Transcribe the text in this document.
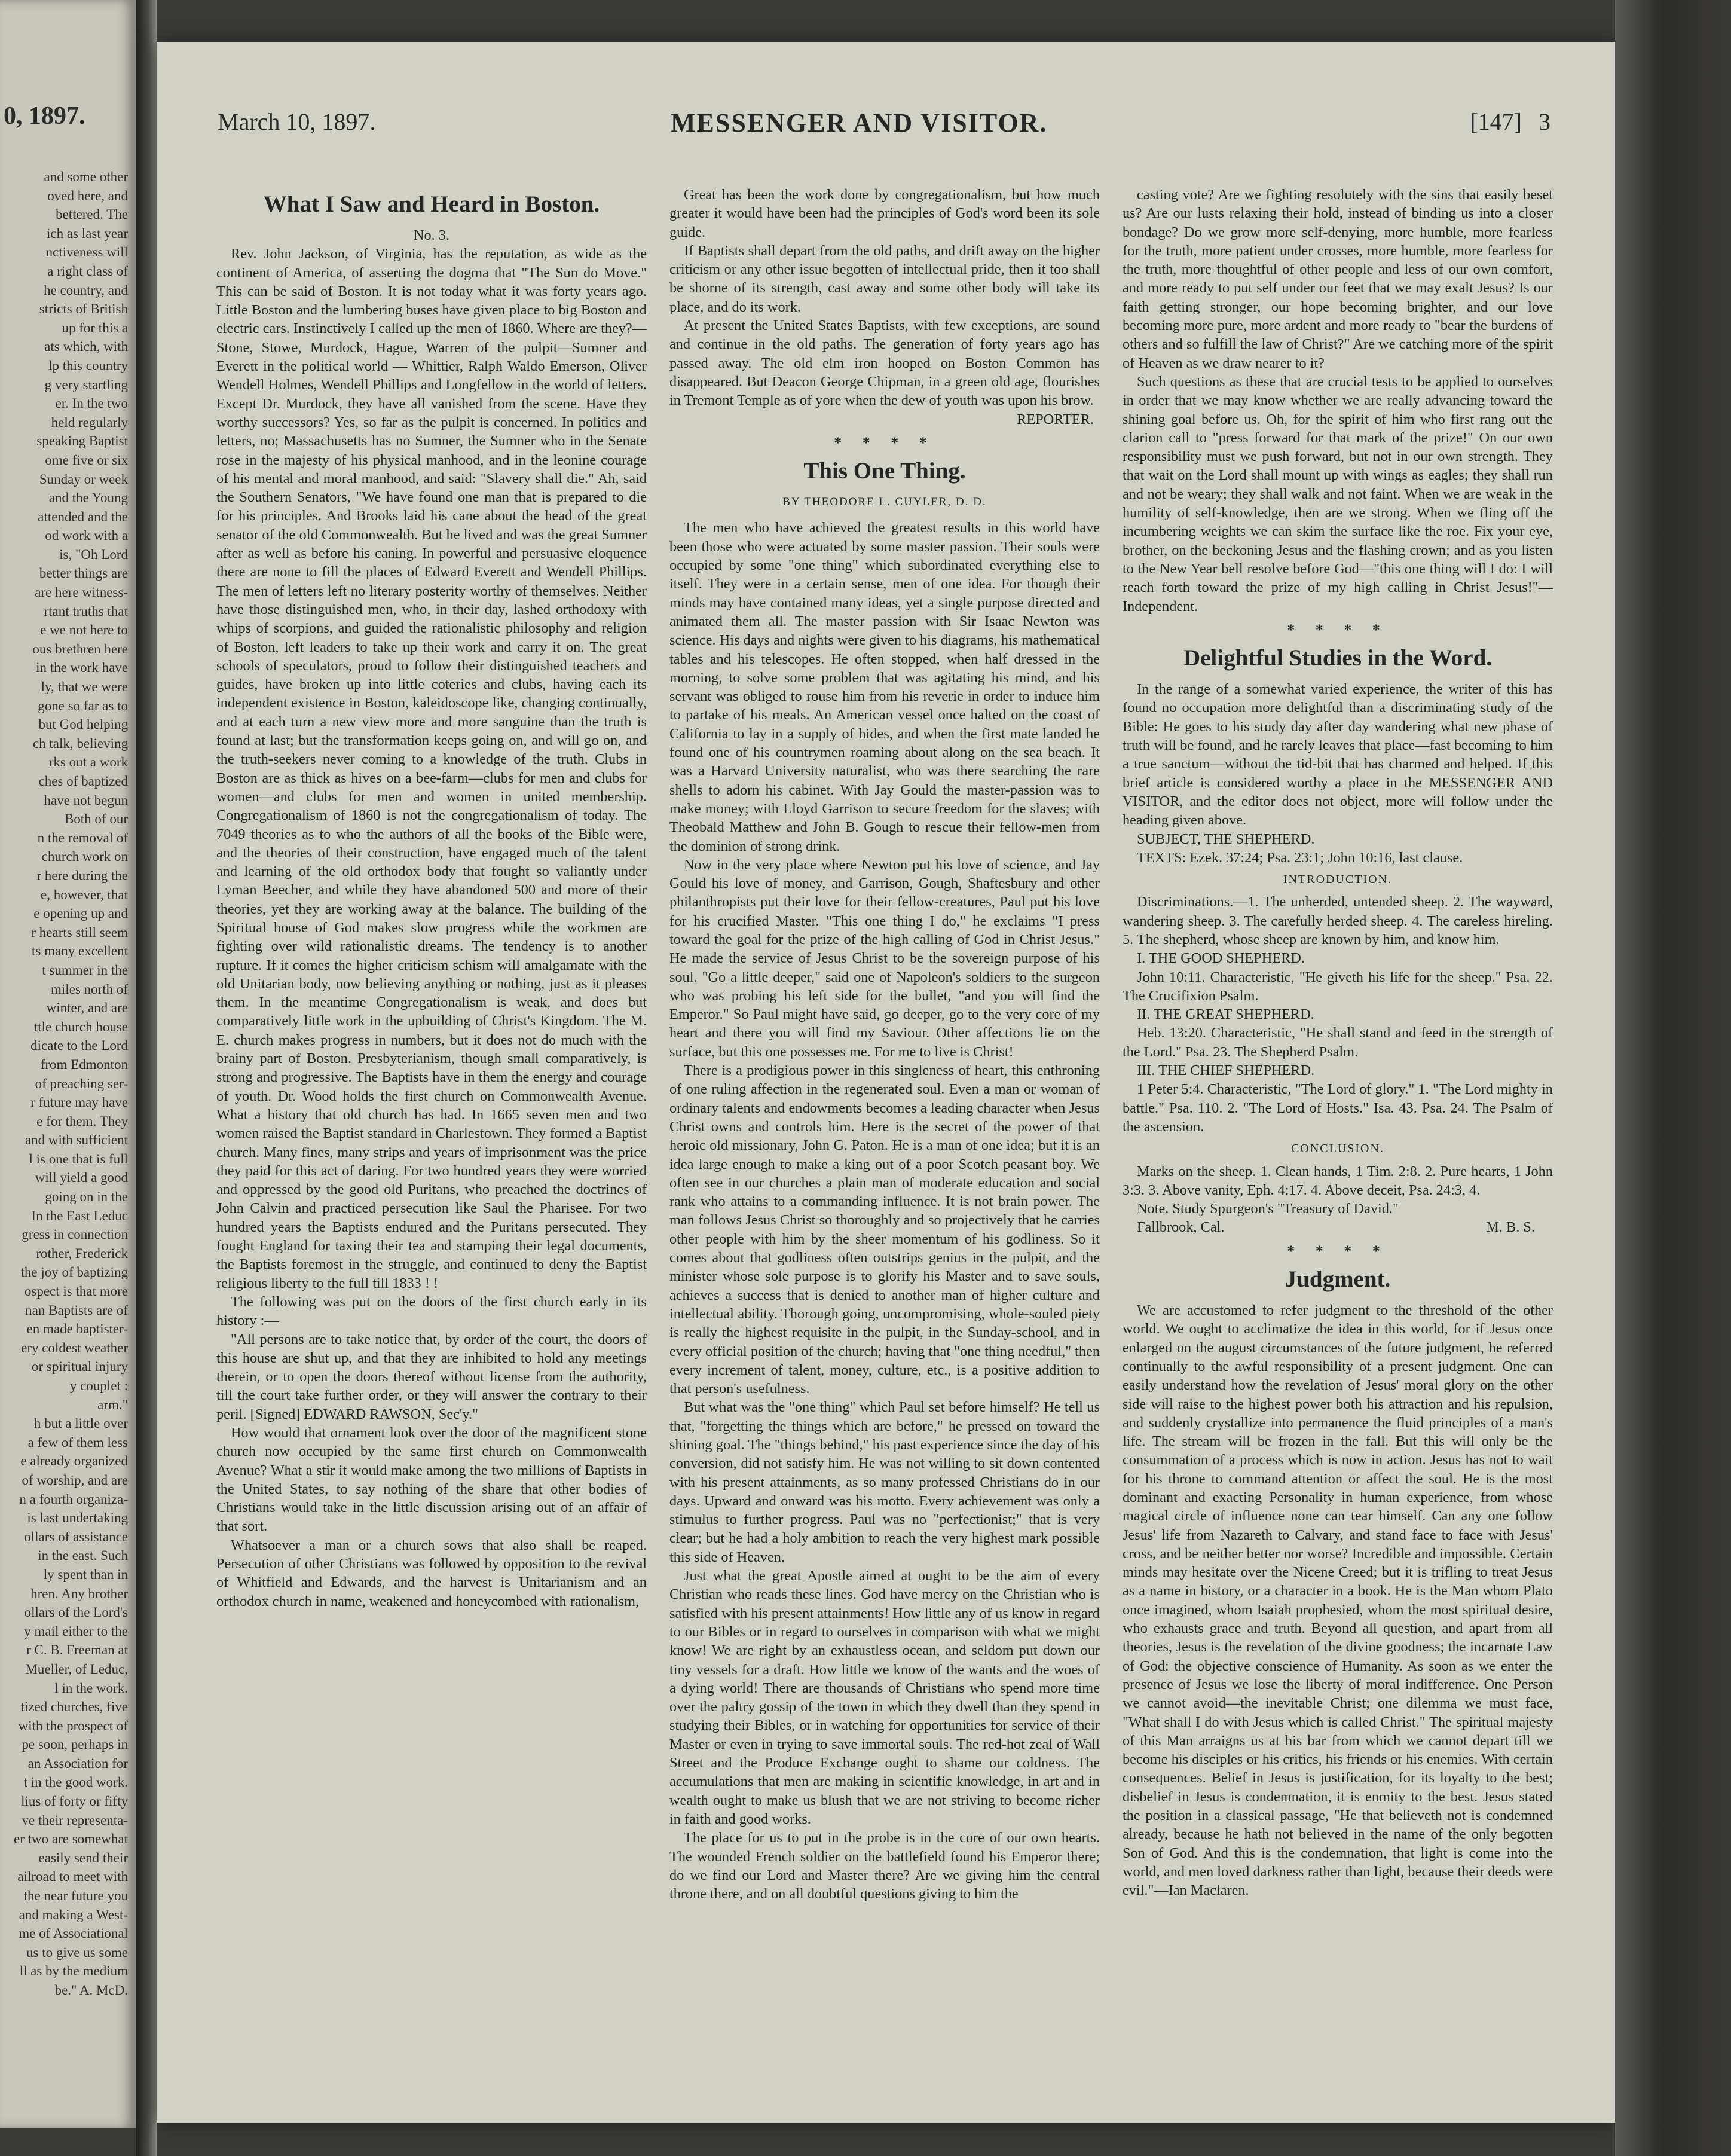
0, 1897.
and some other
oved here, and
bettered. The
ich as last year
nctiveness will
a right class of
he country, and
stricts of British
up for this a
ats which, with
lp this country
g very startling
er. In the two
held regularly
speaking Baptist
ome five or six
Sunday or week
and the Young
attended and the
od work with a
is, "Oh Lord
better things are
are here witness-
rtant truths that
e we not here to
ous brethren here
in the work have
ly, that we were
gone so far as to
but God helping
ch talk, believing
rks out a work
ches of baptized
have not begun
Both of our
n the removal of
church work on
r here during the
e, however, that
e opening up and
r hearts still seem
ts many excellent
t summer in the
miles north of
winter, and are
ttle church house
dicate to the Lord
from Edmonton
of preaching ser-
r future may have
e for them. They
and with sufficient
l is one that is full
will yield a good
going on in the
In the East Leduc
gress in connection
rother, Frederick
the joy of baptizing
ospect is that more
nan Baptists are of
en made baptister-
ery coldest weather
or spiritual injury
y couplet :
arm."
h but a little over
a few of them less
e already organized
of worship, and are
n a fourth organiza-
is last undertaking
ollars of assistance
in the east. Such
ly spent than in
hren. Any brother
ollars of the Lord's
y mail either to the
r C. B. Freeman at
Mueller, of Leduc,
l in the work.
tized churches, five
with the prospect of
pe soon, perhaps in
an Association for
t in the good work.
lius of forty or fifty
ve their representa-
er two are somewhat
easily send their
ailroad to meet with
the near future you
and making a West-
me of Associational
us to give us some
ll as by the medium
be." A. McD.
March 10, 1897.	MESSENGER AND VISITOR.	[147] 3
What I Saw and Heard in Boston.

No. 3.

Rev. John Jackson, of Virginia, has the reputation, as wide as the continent of America, of asserting the dogma that "The Sun do Move." This can be said of Boston. It is not today what it was forty years ago. Little Boston and the lumbering buses have given place to big Boston and electric cars. Instinctively I called up the men of 1860. Where are they?—Stone, Stowe, Murdock, Hague, Warren of the pulpit—Sumner and Everett in the political world — Whittier, Ralph Waldo Emerson, Oliver Wendell Holmes, Wendell Phillips and Longfellow in the world of letters. Except Dr. Murdock, they have all vanished from the scene. Have they worthy successors? Yes, so far as the pulpit is concerned. In politics and letters, no; Massachusetts has no Sumner, the Sumner who in the Senate rose in the majesty of his physical manhood, and in the leonine courage of his mental and moral manhood, and said: "Slavery shall die." Ah, said the Southern Senators, "We have found one man that is prepared to die for his principles. And Brooks laid his cane about the head of the great senator of the old Commonwealth. But he lived and was the great Sumner after as well as before his caning. In powerful and persuasive eloquence there are none to fill the places of Edward Everett and Wendell Phillips. The men of letters left no literary posterity worthy of themselves. Neither have those distinguished men, who, in their day, lashed orthodoxy with whips of scorpions, and guided the rationalistic philosophy and religion of Boston, left leaders to take up their work and carry it on. The great schools of speculators, proud to follow their distinguished teachers and guides, have broken up into little coteries and clubs, having each its independent existence in Boston, kaleidoscope like, changing continually, and at each turn a new view more and more sanguine than the truth is found at last; but the transformation keeps going on, and will go on, and the truth-seekers never coming to a knowledge of the truth. Clubs in Boston are as thick as hives on a bee-farm—clubs for men and clubs for women—and clubs for men and women in united membership. Congregationalism of 1860 is not the congregationalism of today. The 7049 theories as to who the authors of all the books of the Bible were, and the theories of their construction, have engaged much of the talent and learning of the old orthodox body that fought so valiantly under Lyman Beecher, and while they have abandoned 500 and more of their theories, yet they are working away at the balance. The building of the Spiritual house of God makes slow progress while the workmen are fighting over wild rationalistic dreams. The tendency is to another rupture. If it comes the higher criticism schism will amalgamate with the old Unitarian body, now believing anything or nothing, just as it pleases them. In the meantime Congregationalism is weak, and does but comparatively little work in the upbuilding of Christ's Kingdom. The M. E. church makes progress in numbers, but it does not do much with the brainy part of Boston. Presbyterianism, though small comparatively, is strong and progressive. The Baptists have in them the energy and courage of youth. Dr. Wood holds the first church on Commonwealth Avenue. What a history that old church has had. In 1665 seven men and two women raised the Baptist standard in Charlestown. They formed a Baptist church. Many fines, many strips and years of imprisonment was the price they paid for this act of daring. For two hundred years they were worried and oppressed by the good old Puritans, who preached the doctrines of John Calvin and practiced persecution like Saul the Pharisee. For two hundred years the Baptists endured and the Puritans persecuted. They fought England for taxing their tea and stamping their legal documents, the Baptists foremost in the struggle, and continued to deny the Baptist religious liberty to the full till 1833 ! !

The following was put on the doors of the first church early in its history :—

"All persons are to take notice that, by order of the court, the doors of this house are shut up, and that they are inhibited to hold any meetings therein, or to open the doors thereof without license from the authority, till the court take further order, or they will answer the contrary to their peril. [Signed] EDWARD RAWSON, Sec'y."

How would that ornament look over the door of the magnificent stone church now occupied by the same first church on Commonwealth Avenue? What a stir it would make among the two millions of Baptists in the United States, to say nothing of the share that other bodies of Christians would take in the little discussion arising out of an affair of that sort.

Whatsoever a man or a church sows that also shall be reaped. Persecution of other Christians was followed by opposition to the revival of Whitfield and Edwards, and the harvest is Unitarianism and an orthodox church in name, weakened and honeycombed with rationalism,

Great has been the work done by congregationalism, but how much greater it would have been had the principles of God's word been its sole guide.

If Baptists shall depart from the old paths, and drift away on the higher criticism or any other issue begotten of intellectual pride, then it too shall be shorne of its strength, cast away and some other body will take its place, and do its work.

At present the United States Baptists, with few exceptions, are sound and continue in the old paths. The generation of forty years ago has passed away. The old elm iron hooped on Boston Common has disappeared. But Deacon George Chipman, in a green old age, flourishes in Tremont Temple as of yore when the dew of youth was upon his brow.

REPORTER.

* * * *
This One Thing.
BY THEODORE L. CUYLER, D. D.

The men who have achieved the greatest results in this world have been those who were actuated by some master passion. Their souls were occupied by some "one thing" which subordinated everything else to itself. They were in a certain sense, men of one idea. For though their minds may have contained many ideas, yet a single purpose directed and animated them all. The master passion with Sir Isaac Newton was science. His days and nights were given to his diagrams, his mathematical tables and his telescopes. He often stopped, when half dressed in the morning, to solve some problem that was agitating his mind, and his servant was obliged to rouse him from his reverie in order to induce him to partake of his meals. An American vessel once halted on the coast of California to lay in a supply of hides, and when the first mate landed he found one of his countrymen roaming about along on the sea beach. It was a Harvard University naturalist, who was there searching the rare shells to adorn his cabinet. With Jay Gould the master-passion was to make money; with Lloyd Garrison to secure freedom for the slaves; with Theobald Matthew and John B. Gough to rescue their fellow-men from the dominion of strong drink.

Now in the very place where Newton put his love of science, and Jay Gould his love of money, and Garrison, Gough, Shaftesbury and other philanthropists put their love for their fellow-creatures, Paul put his love for his crucified Master. "This one thing I do," he exclaims "I press toward the goal for the prize of the high calling of God in Christ Jesus." He made the service of Jesus Christ to be the sovereign purpose of his soul. "Go a little deeper," said one of Napoleon's soldiers to the surgeon who was probing his left side for the bullet, "and you will find the Emperor." So Paul might have said, go deeper, go to the very core of my heart and there you will find my Saviour. Other affections lie on the surface, but this one possesses me. For me to live is Christ!

There is a prodigious power in this singleness of heart, this enthroning of one ruling affection in the regenerated soul. Even a man or woman of ordinary talents and endowments becomes a leading character when Jesus Christ owns and controls him. Here is the secret of the power of that heroic old missionary, John G. Paton. He is a man of one idea; but it is an idea large enough to make a king out of a poor Scotch peasant boy. We often see in our churches a plain man of moderate education and social rank who attains to a commanding influence. It is not brain power. The man follows Jesus Christ so thoroughly and so projectively that he carries other people with him by the sheer momentum of his godliness. So it comes about that godliness often outstrips genius in the pulpit, and the minister whose sole purpose is to glorify his Master and to save souls, achieves a success that is denied to another man of higher culture and intellectual ability. Thorough going, uncompromising, whole-souled piety is really the highest requisite in the pulpit, in the Sunday-school, and in every official position of the church; having that "one thing needful," then every increment of talent, money, culture, etc., is a positive addition to that person's usefulness.

But what was the "one thing" which Paul set before himself? He tell us that, "forgetting the things which are before," he pressed on toward the shining goal. The "things behind," his past experience since the day of his conversion, did not satisfy him. He was not willing to sit down contented with his present attainments, as so many professed Christians do in our days. Upward and onward was his motto. Every achievement was only a stimulus to further progress. Paul was no "perfectionist;" that is very clear; but he had a holy ambition to reach the very highest mark possible this side of Heaven.

Just what the great Apostle aimed at ought to be the aim of every Christian who reads these lines. God have mercy on the Christian who is satisfied with his present attainments! How little any of us know in regard to our Bibles or in regard to ourselves in comparison with what we might know! We are right by an exhaustless ocean, and seldom put down our tiny vessels for a draft. How little we know of the wants and the woes of a dying world! There are thousands of Christians who spend more time over the paltry gossip of the town in which they dwell than they spend in studying their Bibles, or in watching for opportunities for service of their Master or even in trying to save immortal souls. The red-hot zeal of Wall Street and the Produce Exchange ought to shame our coldness. The accumulations that men are making in scientific knowledge, in art and in wealth ought to make us blush that we are not striving to become richer in faith and good works.

The place for us to put in the probe is in the core of our own hearts. The wounded French soldier on the battlefield found his Emperor there; do we find our Lord and Master there? Are we giving him the central throne there, and on all doubtful questions giving to him the

casting vote? Are we fighting resolutely with the sins that easily beset us? Are our lusts relaxing their hold, instead of binding us into a closer bondage? Do we grow more self-denying, more humble, more fearless for the truth, more patient under crosses, more humble, more fearless for the truth, more thoughtful of other people and less of our own comfort, and more ready to put self under our feet that we may exalt Jesus? Is our faith getting stronger, our hope becoming brighter, and our love becoming more pure, more ardent and more ready to "bear the burdens of others and so fulfill the law of Christ?" Are we catching more of the spirit of Heaven as we draw nearer to it?

Such questions as these that are crucial tests to be applied to ourselves in order that we may know whether we are really advancing toward the shining goal before us. Oh, for the spirit of him who first rang out the clarion call to "press forward for that mark of the prize!" On our own responsibility must we push forward, but not in our own strength. They that wait on the Lord shall mount up with wings as eagles; they shall run and not be weary; they shall walk and not faint. When we are weak in the humility of self-knowledge, then are we strong. When we fling off the incumbering weights we can skim the surface like the roe. Fix your eye, brother, on the beckoning Jesus and the flashing crown; and as you listen to the New Year bell resolve before God—"this one thing will I do: I will reach forth toward the prize of my high calling in Christ Jesus!"—Independent.

* * * *
Delightful Studies in the Word.

In the range of a somewhat varied experience, the writer of this has found no occupation more delightful than a discriminating study of the Bible: He goes to his study day after day wandering what new phase of truth will be found, and he rarely leaves that place—fast becoming to him a true sanctum—without the tid-bit that has charmed and helped. If this brief article is considered worthy a place in the MESSENGER AND VISITOR, and the editor does not object, more will follow under the heading given above.

SUBJECT, THE SHEPHERD.

TEXTS: Ezek. 37:24; Psa. 23:1; John 10:16, last clause.

INTRODUCTION.

Discriminations.—1. The unherded, untended sheep. 2. The wayward, wandering sheep. 3. The carefully herded sheep. 4. The careless hireling. 5. The shepherd, whose sheep are known by him, and know him.

I. THE GOOD SHEPHERD.

John 10:11. Characteristic, "He giveth his life for the sheep." Psa. 22. The Crucifixion Psalm.

II. THE GREAT SHEPHERD.

Heb. 13:20. Characteristic, "He shall stand and feed in the strength of the Lord." Psa. 23. The Shepherd Psalm.

III. THE CHIEF SHEPHERD.

1 Peter 5:4. Characteristic, "The Lord of glory." 1. "The Lord mighty in battle." Psa. 110. 2. "The Lord of Hosts." Isa. 43. Psa. 24. The Psalm of the ascension.

CONCLUSION.

Marks on the sheep. 1. Clean hands, 1 Tim. 2:8. 2. Pure hearts, 1 John 3:3. 3. Above vanity, Eph. 4:17. 4. Above deceit, Psa. 24:3, 4.

Note. Study Spurgeon's "Treasury of David."

Fallbrook, Cal.	M. B. S.

* * * *
Judgment.

We are accustomed to refer judgment to the threshold of the other world. We ought to acclimatize the idea in this world, for if Jesus once enlarged on the august circumstances of the future judgment, he referred continually to the awful responsibility of a present judgment. One can easily understand how the revelation of Jesus' moral glory on the other side will raise to the highest power both his attraction and his repulsion, and suddenly crystallize into permanence the fluid principles of a man's life. The stream will be frozen in the fall. But this will only be the consummation of a process which is now in action. Jesus has not to wait for his throne to command attention or affect the soul. He is the most dominant and exacting Personality in human experience, from whose magical circle of influence none can tear himself. Can any one follow Jesus' life from Nazareth to Calvary, and stand face to face with Jesus' cross, and be neither better nor worse? Incredible and impossible. Certain minds may hesitate over the Nicene Creed; but it is trifling to treat Jesus as a name in history, or a character in a book. He is the Man whom Plato once imagined, whom Isaiah prophesied, whom the most spiritual desire, who exhausts grace and truth. Beyond all question, and apart from all theories, Jesus is the revelation of the divine goodness; the incarnate Law of God: the objective conscience of Humanity. As soon as we enter the presence of Jesus we lose the liberty of moral indifference. One Person we cannot avoid—the inevitable Christ; one dilemma we must face, "What shall I do with Jesus which is called Christ." The spiritual majesty of this Man arraigns us at his bar from which we cannot depart till we become his disciples or his critics, his friends or his enemies. With certain consequences. Belief in Jesus is justification, for its loyalty to the best; disbelief in Jesus is condemnation, it is enmity to the best. Jesus stated the position in a classical passage, "He that believeth not is condemned already, because he hath not believed in the name of the only begotten Son of God. And this is the condemnation, that light is come into the world, and men loved darkness rather than light, because their deeds were evil."—Ian Maclaren.
